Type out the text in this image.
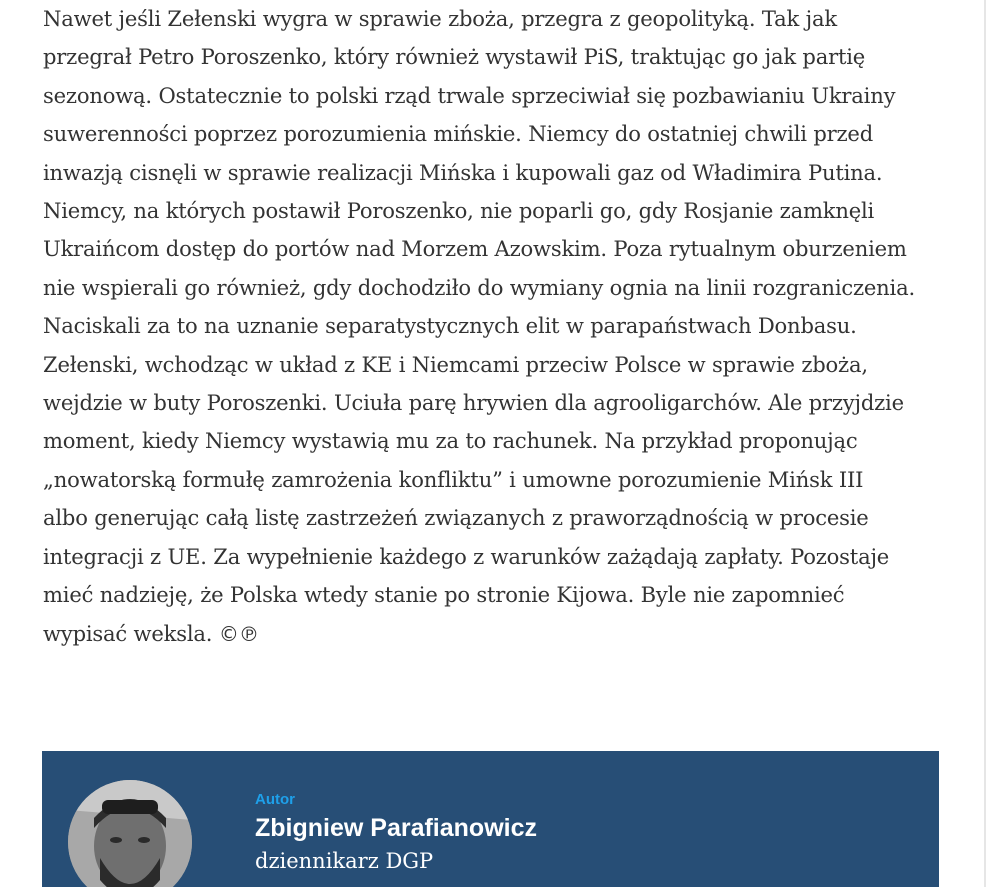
Nawet jeśli Zełenski wygra w sprawie zboża, przegra z geopolityką. Tak jak
przegrał Petro Poroszenko, który również wystawił PiS, traktując go jak partię
sezonową. Ostatecznie to polski rząd trwale sprzeciwiał się pozbawianiu Ukrainy
suwerenności poprzez porozumienia mińskie. Niemcy do ostatniej chwili przed
inwazją cisnęli w sprawie realizacji Mińska i kupowali gaz od Władimira Putina.
Niemcy, na których postawił Poroszenko, nie poparli go, gdy Rosjanie zamknęli
Ukraińcom dostęp do portów nad Morzem Azowskim. Poza rytualnym oburzeniem
nie wspierali go również, gdy dochodziło do wymiany ognia na linii rozgraniczenia.
Naciskali za to na uznanie separatystycznych elit w parapaństwach Donbasu.
Zełenski, wchodząc w układ z KE i Niemcami przeciw Polsce w sprawie zboża,
wejdzie w buty Poroszenki. Uciuła parę hrywien dla agrooligarchów. Ale przyjdzie
moment, kiedy Niemcy wystawią mu za to rachunek. Na przykład proponując
„nowatorską formułę zamrożenia konfliktu” i umowne porozumienie Mińsk III
albo generując całą listę zastrzeżeń związanych z praworządnością w procesie
integracji z UE. Za wypełnienie każdego z warunków zażądają zapłaty. Pozostaje
mieć nadzieję, że Polska wtedy stanie po stronie Kijowa. Byle nie zapomnieć
wypisać weksla. ©℗
Autor
Zbigniew Parafianowicz
dziennikarz DGP
